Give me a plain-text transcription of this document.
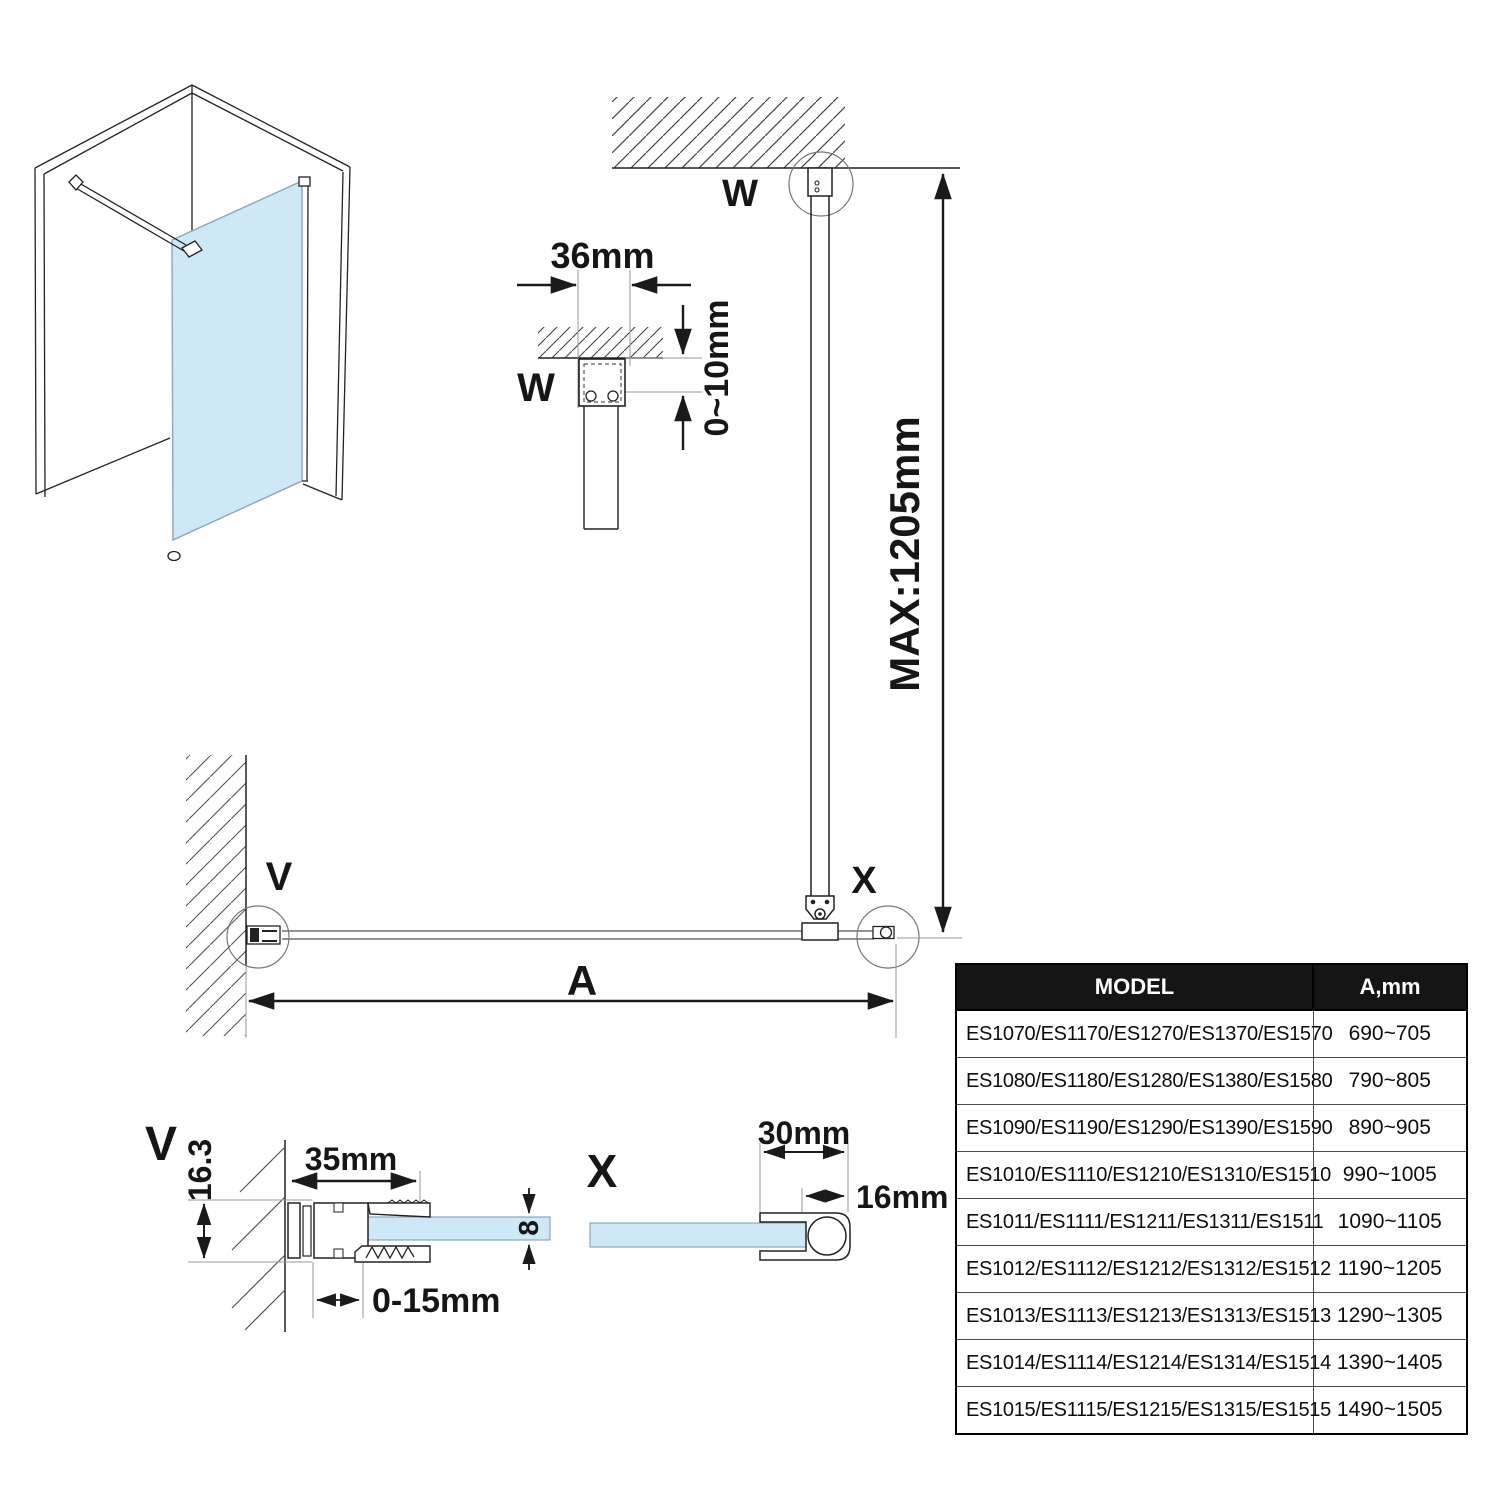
36mm
W	0~10mm
W
MAX:1205mm
X
V
A
V 16.3	35mm
0-15mm
8
X
30mm
16mm
MODEL	A,mm
ES1070/ES1170/ES1270/ES1370/ES1570	690~705
ES1080/ES1180/ES1280/ES1380/ES1580	790~805
ES1090/ES1190/ES1290/ES1390/ES1590	890~905
ES1010/ES1110/ES1210/ES1310/ES1510	990~1005
ES1011/ES1111/ES1211/ES1311/ES1511	1090~1105
ES1012/ES1112/ES1212/ES1312/ES1512	1190~1205
ES1013/ES1113/ES1213/ES1313/ES1513	1290~1305
ES1014/ES1114/ES1214/ES1314/ES1514	1390~1405
ES1015/ES1115/ES1215/ES1315/ES1515	1490~1505
